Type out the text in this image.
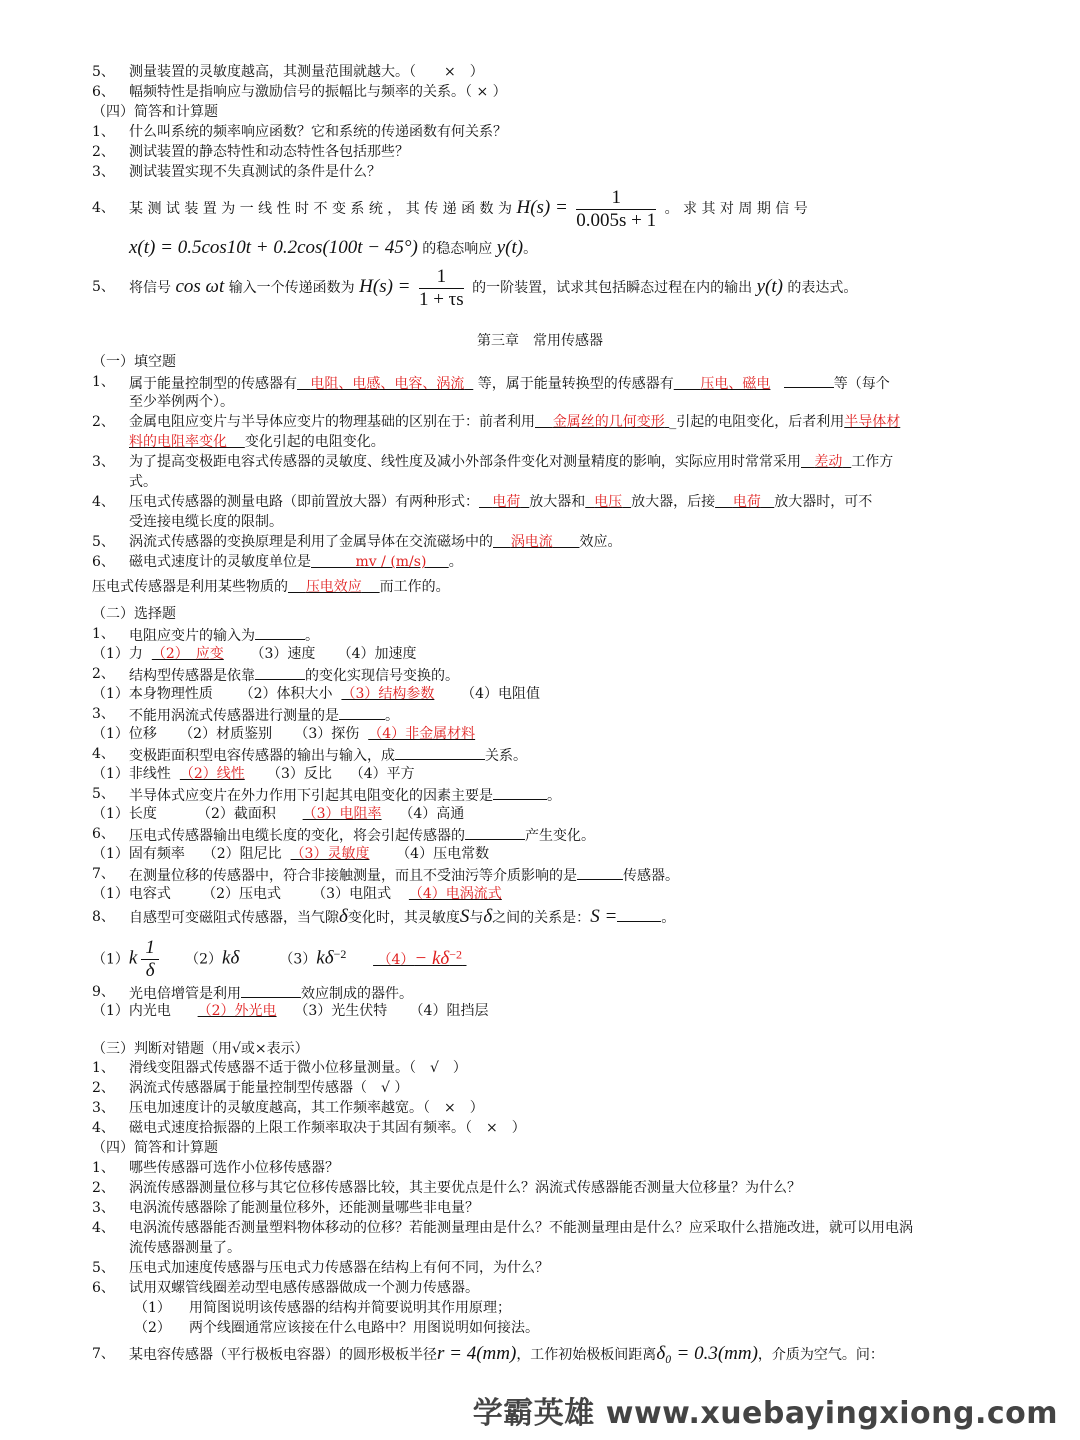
5、 测量装置的灵敏度越高，其测量范围就越大。（　　×　）
6、 幅频特性是指响应与激励信号的振幅比与频率的关系。（ × ）
（四）简答和计算题
1、 什么叫系统的频率响应函数？它和系统的传递函数有何关系？
2、 测试装置的静态特性和动态特性各包括那些？
3、 测试装置实现不失真测试的条件是什么？
4、 某 测 试 装 置 为 一 线 性 时 不 变 系 统 ， 其 传 递 函 数 为 $H(s) = \frac{1}{0.005s + 1}$ 。 求 其 对 周 期 信 号
x(t) = 0.5cos10t + 0.2cos(100t − 45°) 的稳态响应 y(t)。
5、 将信号 cos ωt 输入一个传递函数为 $H(s) = \frac{1}{1 + \tau s}$ 的一阶装置，试求其包括瞬态过程在内的输出 y(t) 的表达式。
第三章　常用传感器
（一）填空题
1、 属于能量控制型的传感器有 电阻、电感、电容、涡流 等，属于能量转换型的传感器有 压电、磁电	等（每个
至少举例两个）。
2、 金属电阻应变片与半导体应变片的物理基础的区别在于：前者利用 金属丝的几何变形 _引起的电阻变化，后者利用半导体材
料的电阻率变化 变化引起的电阻变化。
3、 为了提高变极距电容式传感器的灵敏度、线性度及减小外部条件变化对测量精度的影响，实际应用时常常采用 差动 工作方
式。
4、 压电式传感器的测量电路（即前置放大器）有两种形式： 电荷 放大器和 电压 放大器，后接 电荷 放大器时，可不
受连接电缆长度的限制。
5、 涡流式传感器的变换原理是利用了金属导体在交流磁场中的 涡电流 效应。
6、 磁电式速度计的灵敏度单位是	mv / (m/s) 。
压电式传感器是利用某些物质的 压电效应 而工作的。
（二）选择题
1、 电阻应变片的输入为	。
（1）力 （2）　应变 （3）速度 （4）加速度
2、 结构型传感器是依靠	的变化实现信号变换的。
（1）本身物理性质 （2）体积大小 （3）结构参数 （4）电阻值
3、 不能用涡流式传感器进行测量的是	。
（1）位移 （2）材质鉴别 （3）探伤 （4）非金属材料
4、 变极距面积型电容传感器的输出与输入，成	关系。
（1）非线性 （2）线性 （3）反比 （4）平方
5、 半导体式应变片在外力作用下引起其电阻变化的因素主要是	。
（1）长度	（2）截面积 （3）电阻率 （4）高通
6、 压电式传感器输出电缆长度的变化，将会引起传感器的	产生变化。
（1）固有频率 （2）阻尼比 （3）灵敏度 （4）压电常数
7、 在测量位移的传感器中，符合非接触测量，而且不受油污等介质影响的是	传感器。
（1）电容式 （2）压电式 （3）电阻式 （4）电涡流式
8、 自感型可变磁阻式传感器，当气隙δ变化时，其灵敏度S与δ之间的关系是：S =	。
$(1)k \frac{1}{\delta} (2)k\delta$	$(3)k\delta^{-2}$ $(4)- k\delta^{-2}$
9、 光电倍增管是利用	效应制成的器件。
（1）内光电 （2）外光电 （3）光生伏特 （4）阻挡层
（三）判断对错题（用√或×表示）
1、 滑线变阻器式传感器不适于微小位移量测量。（　√　）
2、 涡流式传感器属于能量控制型传感器（　√ ）
3、 压电加速度计的灵敏度越高，其工作频率越宽。（　×　）
4、 磁电式速度拾振器的上限工作频率取决于其固有频率。（　×　）
（四）简答和计算题
1、 哪些传感器可选作小位移传感器？
2、 涡流传感器测量位移与其它位移传感器比较，其主要优点是什么？涡流式传感器能否测量大位移量？为什么？
3、 电涡流传感器除了能测量位移外，还能测量哪些非电量？
4、 电涡流传感器能否测量塑料物体移动的位移？若能测量理由是什么？不能测量理由是什么？应采取什么措施改进，就可以用电涡
流传感器测量了。
5、 压电式加速度传感器与压电式力传感器在结构上有何不同，为什么？
6、 试用双螺管线圈差动型电感传感器做成一个测力传感器。
（1） 用简图说明该传感器的结构并简要说明其作用原理；
（2） 两个线圈通常应该接在什么电路中？用图说明如何接法。
7、 某电容传感器（平行极板电容器）的圆形极板半径r = 4(mm)，工作初始极板间距离δ₀ = 0.3(mm)，介质为空气。问：
学霸英雄 www.xuebayingxiong.com
